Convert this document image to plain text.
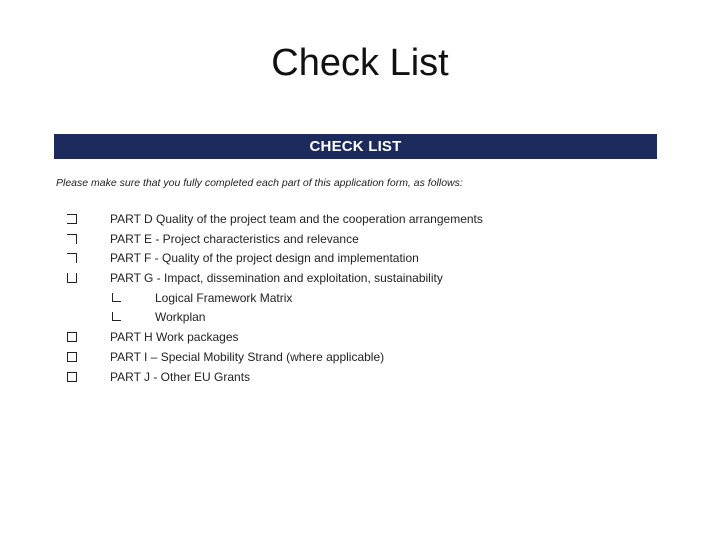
Check List
CHECK LIST
Please make sure that you fully completed each part of this application form, as follows:
PART D Quality of the project team and the cooperation arrangements
PART E - Project characteristics and relevance
PART F - Quality of the project design and implementation
PART G - Impact, dissemination and exploitation, sustainability
Logical Framework Matrix
Workplan
PART H Work packages
PART I – Special Mobility Strand (where applicable)
PART J - Other EU Grants
